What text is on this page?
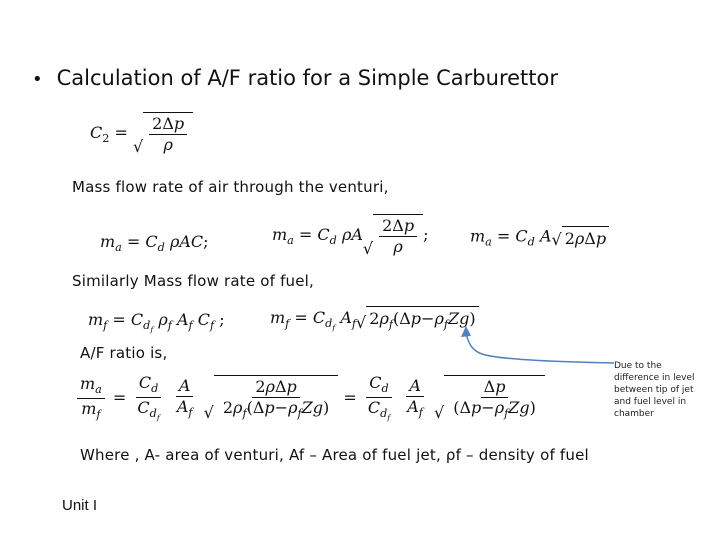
• Calculation of A/F ratio for a Simple Carburettor
$C_2$ =
√ $\frac{2\Delta p}{\rho}$
Mass flow rate of air through the venturi,
$m_a = C_d$ ρAC;	$m_a = C_d$ ρA
√ $\frac{2\Delta p}{\rho}$ ;	$m_a = C_d$ A √ 2ρΔp
Similarly Mass flow rate of fuel,
$m_f = C_{d_f}$ $\rho_f$ $A_f$ $C_f$ ;	$m_f = C_{d_f}$ $A_f$ √ $2\rho_f(\Delta p-\rho_fZg)$
A/F ratio is,
$\frac{m_a}{m_f} = \frac{C_d}{C_{d_f}}$
$\frac{A}{A_f}$
√ $\frac{\text{2ρΔp}}{2\rho_f(\Delta p-\rho_fZg)} = \frac{C_d}{C_{d_f}}$
$\frac{A}{A_f}$
√ $\frac{\Delta p}{(\Delta p-\rho_fZg)}$
Due to the difference in level between tip of jet and fuel level in chamber
Where , A- area of venturi, Af – Area of fuel jet, ρf – density of fuel
Unit I
